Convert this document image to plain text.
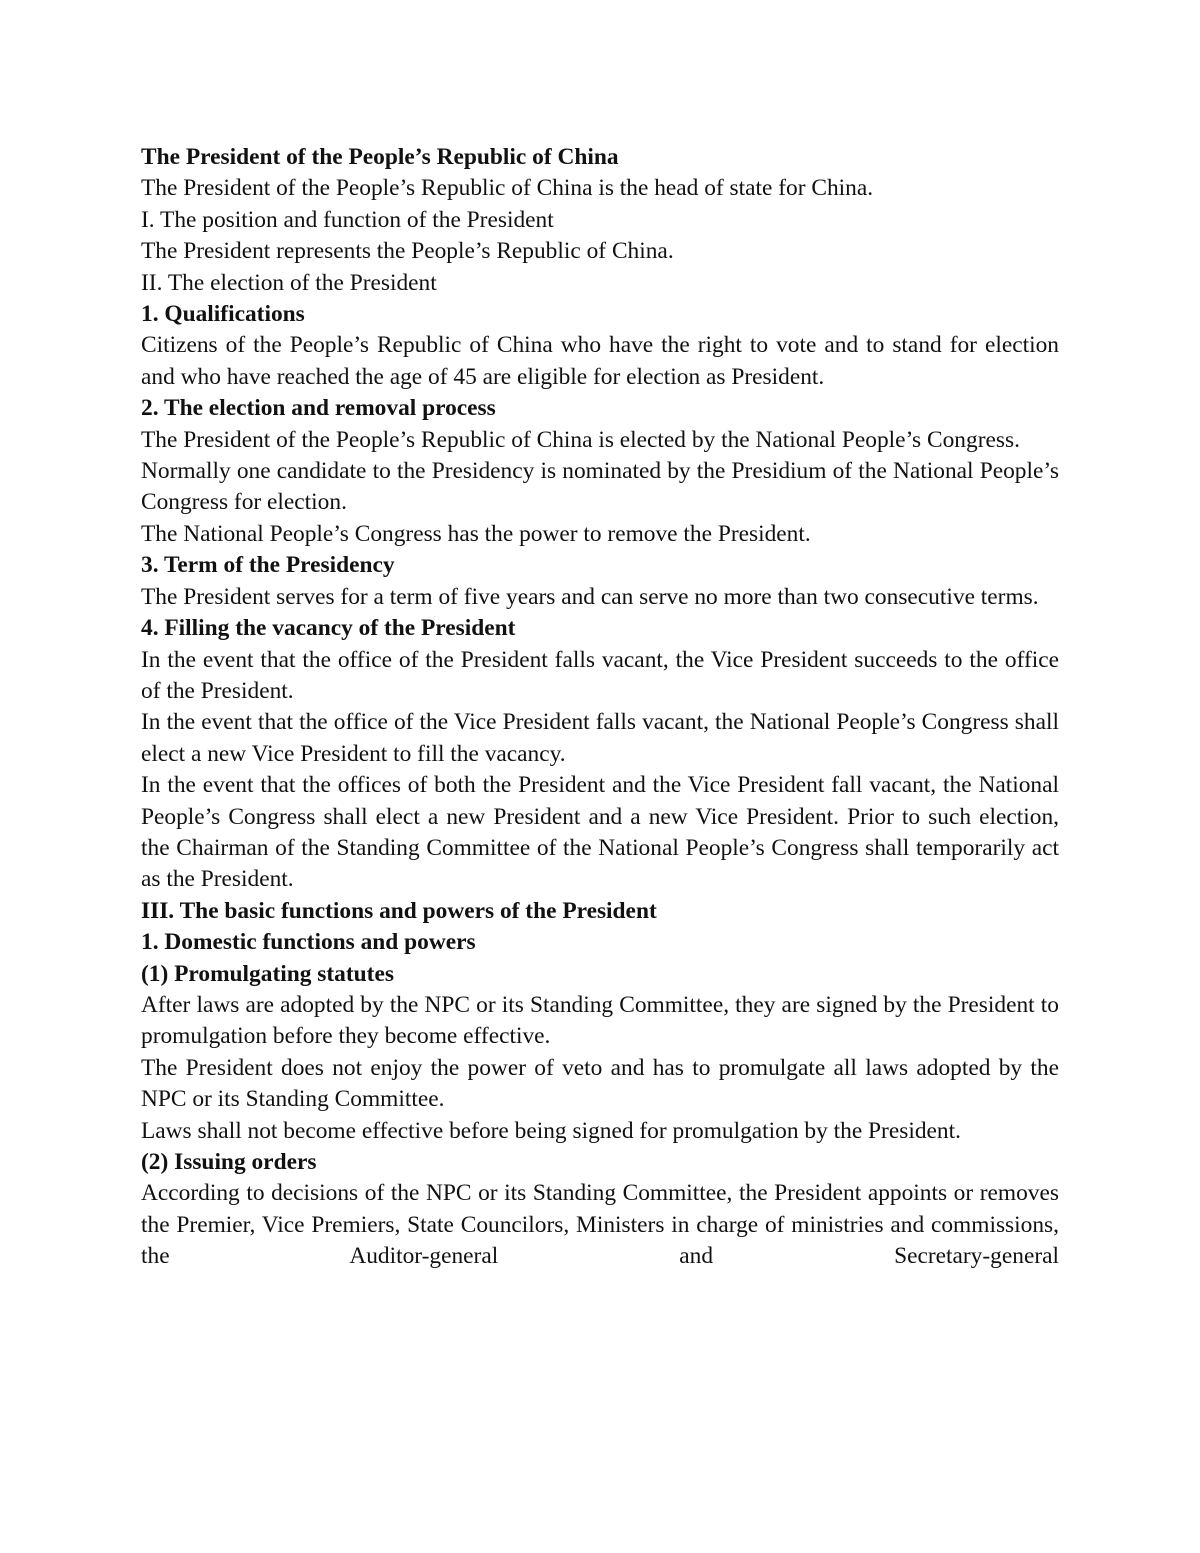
The President of the People’s Republic of China

The President of the People’s Republic of China is the head of state for China.

I. The position and function of the President

The President represents the People’s Republic of China.

II. The election of the President

1. Qualifications

Citizens of the People’s Republic of China who have the right to vote and to stand for election and who have reached the age of 45 are eligible for election as President.

2. The election and removal process

The President of the People’s Republic of China is elected by the National People’s Congress.

Normally one candidate to the Presidency is nominated by the Presidium of the National People’s Congress for election.

The National People’s Congress has the power to remove the President.

3. Term of the Presidency

The President serves for a term of five years and can serve no more than two consecutive terms.

4. Filling the vacancy of the President

In the event that the office of the President falls vacant, the Vice President succeeds to the office of the President.

In the event that the office of the Vice President falls vacant, the National People’s Congress shall elect a new Vice President to fill the vacancy.

In the event that the offices of both the President and the Vice President fall vacant, the National People’s Congress shall elect a new President and a new Vice President. Prior to such election, the Chairman of the Standing Committee of the National People’s Congress shall temporarily act as the President.

III. The basic functions and powers of the President

1. Domestic functions and powers

(1) Promulgating statutes

After laws are adopted by the NPC or its Standing Committee, they are signed by the President to promulgation before they become effective.

The President does not enjoy the power of veto and has to promulgate all laws adopted by the NPC or its Standing Committee.

Laws shall not become effective before being signed for promulgation by the President.

(2) Issuing orders

According to decisions of the NPC or its Standing Committee, the President appoints or removes the Premier, Vice Premiers, State Councilors, Ministers in charge of ministries and commissions, the Auditor-general and Secretary-general
